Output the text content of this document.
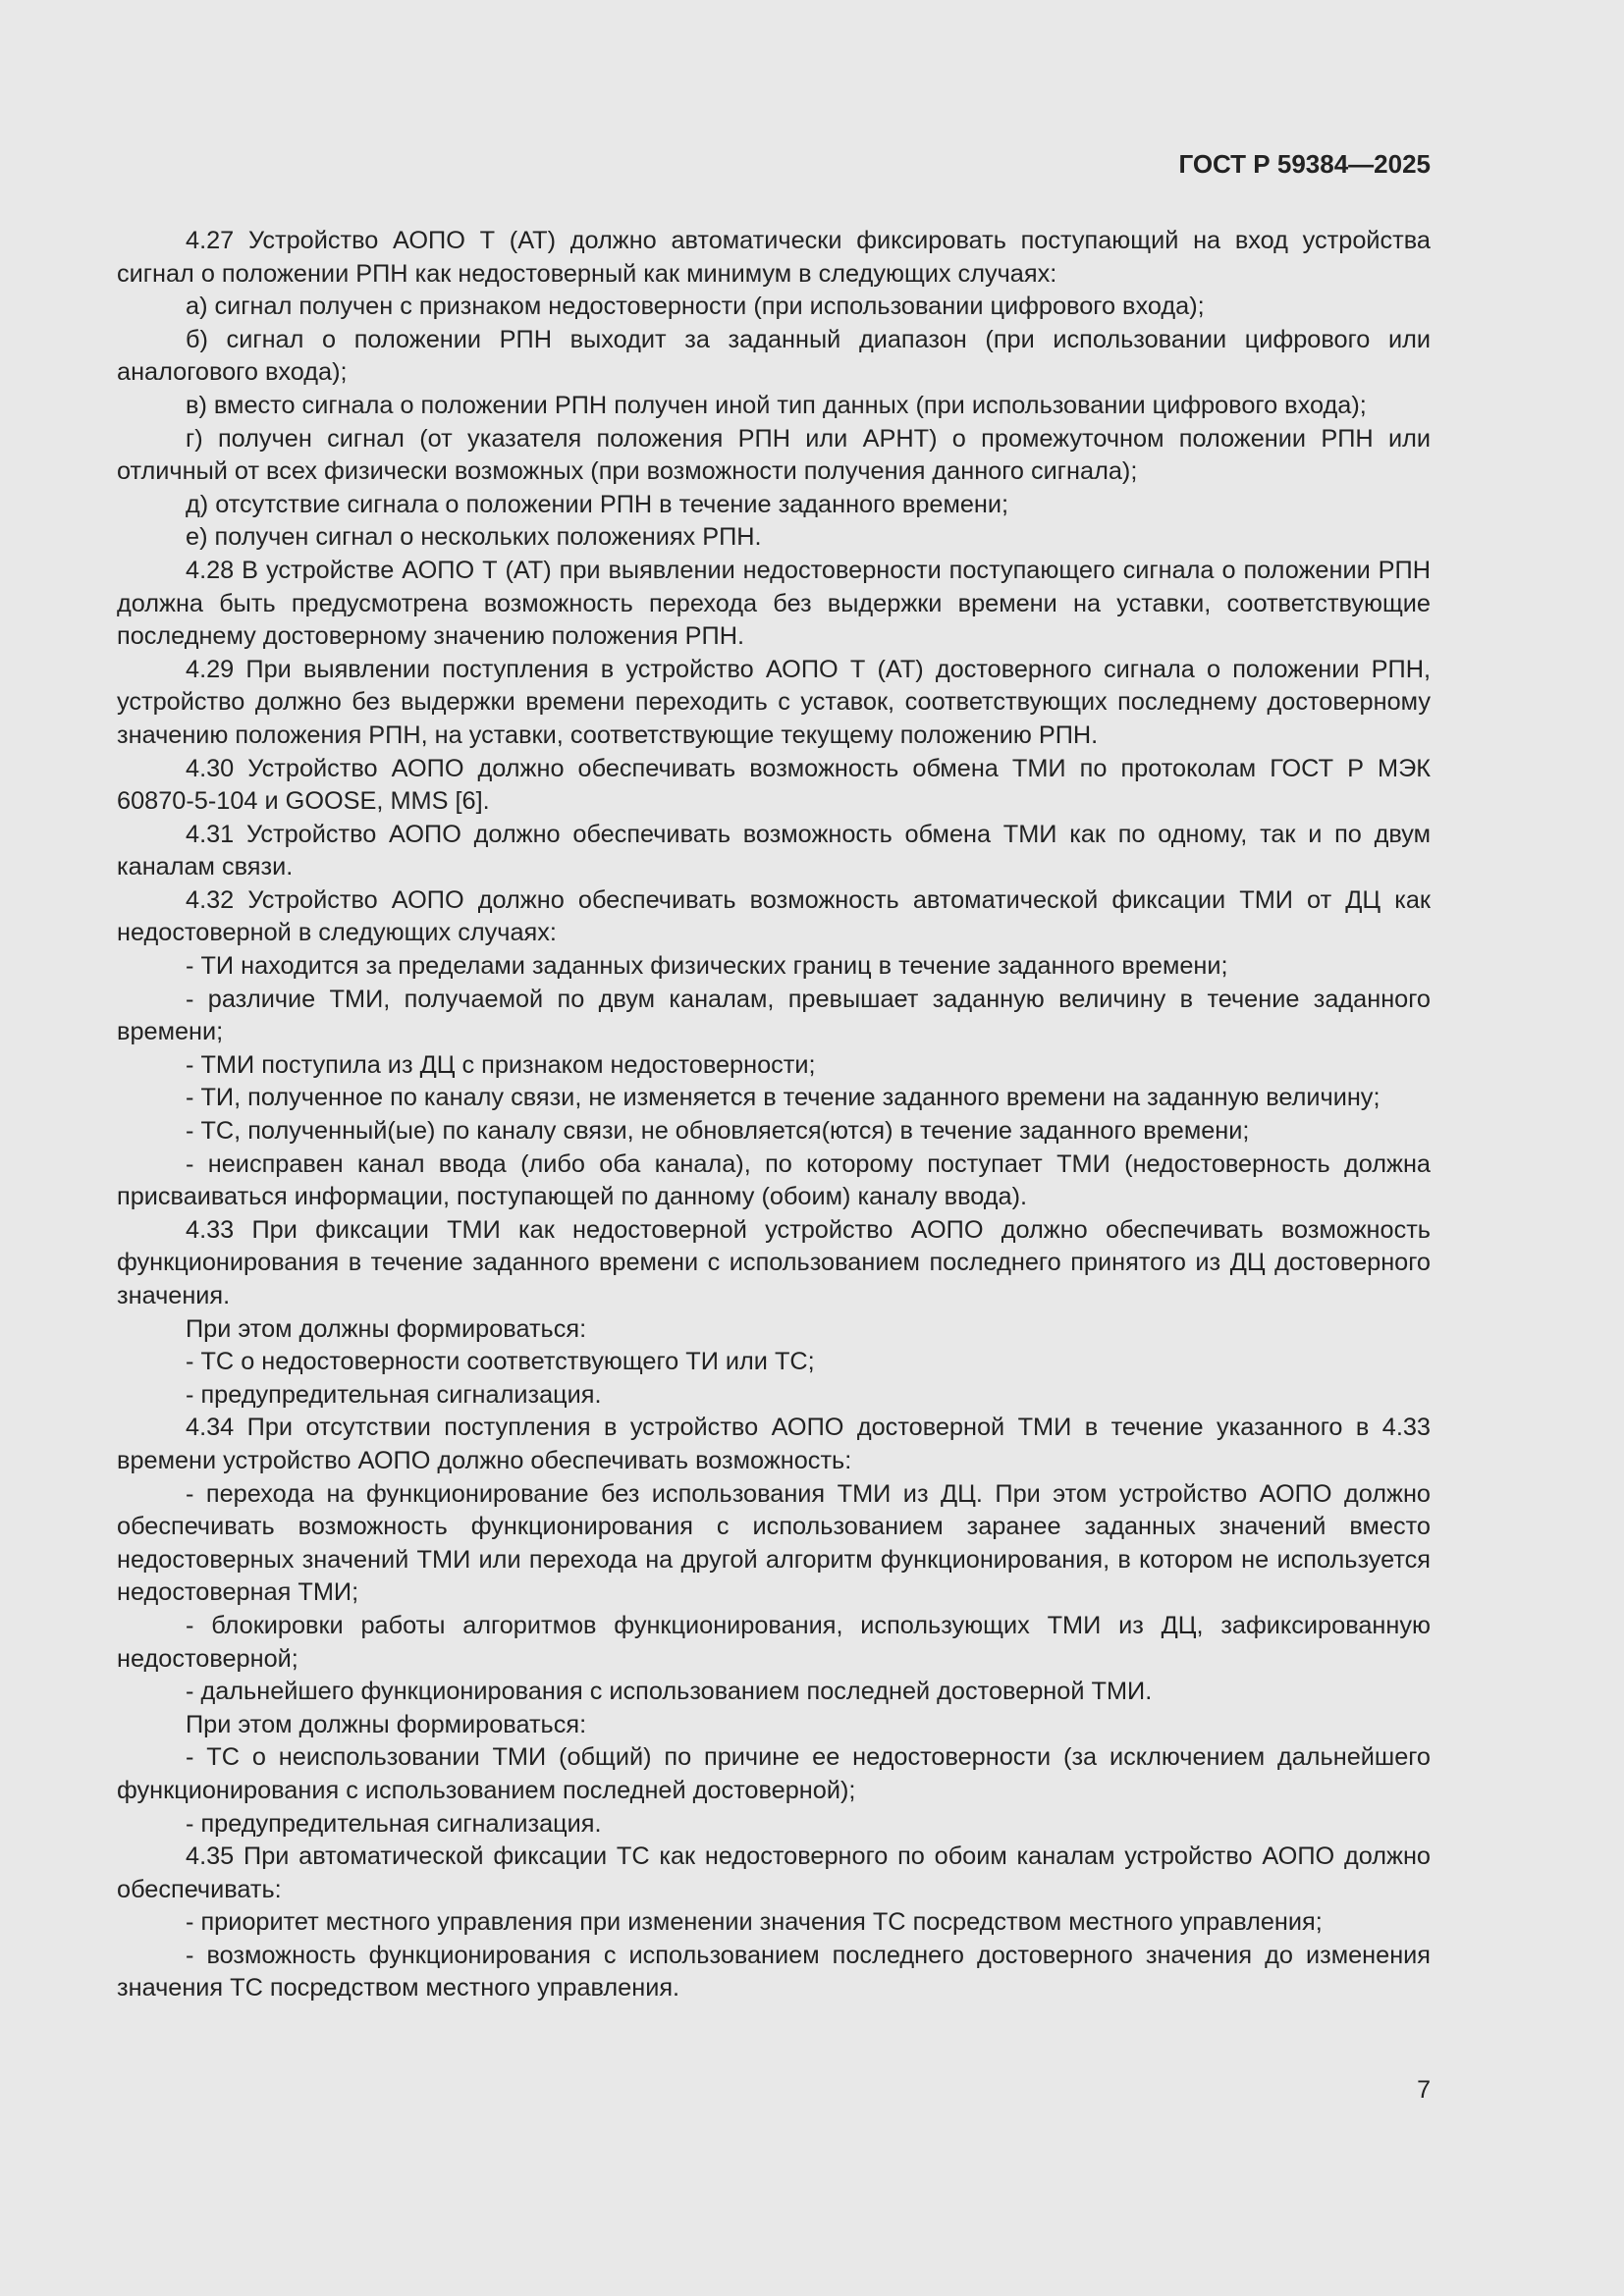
ГОСТ Р 59384—2025

4.27 Устройство АОПО Т (АТ) должно автоматически фиксировать поступающий на вход устройства сигнал о положении РПН как недостоверный как минимум в следующих случаях:

а) сигнал получен с признаком недостоверности (при использовании цифрового входа);

б) сигнал о положении РПН выходит за заданный диапазон (при использовании цифрового или аналогового входа);

в) вместо сигнала о положении РПН получен иной тип данных (при использовании цифрового входа);

г) получен сигнал (от указателя положения РПН или АРНТ) о промежуточном положении РПН или отличный от всех физически возможных (при возможности получения данного сигнала);

д) отсутствие сигнала о положении РПН в течение заданного времени;

е) получен сигнал о нескольких положениях РПН.

4.28 В устройстве АОПО Т (АТ) при выявлении недостоверности поступающего сигнала о положении РПН должна быть предусмотрена возможность перехода без выдержки времени на уставки, соответствующие последнему достоверному значению положения РПН.

4.29 При выявлении поступления в устройство АОПО Т (АТ) достоверного сигнала о положении РПН, устройство должно без выдержки времени переходить с уставок, соответствующих последнему достоверному значению положения РПН, на уставки, соответствующие текущему положению РПН.

4.30 Устройство АОПО должно обеспечивать возможность обмена ТМИ по протоколам ГОСТ Р МЭК 60870-5-104 и GOOSE, MMS [6].

4.31 Устройство АОПО должно обеспечивать возможность обмена ТМИ как по одному, так и по двум каналам связи.

4.32 Устройство АОПО должно обеспечивать возможность автоматической фиксации ТМИ от ДЦ как недостоверной в следующих случаях:

- ТИ находится за пределами заданных физических границ в течение заданного времени;

- различие ТМИ, получаемой по двум каналам, превышает заданную величину в течение заданного времени;

- ТМИ поступила из ДЦ с признаком недостоверности;

- ТИ, полученное по каналу связи, не изменяется в течение заданного времени на заданную величину;

- ТС, полученный(ые) по каналу связи, не обновляется(ются) в течение заданного времени;

- неисправен канал ввода (либо оба канала), по которому поступает ТМИ (недостоверность должна присваиваться информации, поступающей по данному (обоим) каналу ввода).

4.33 При фиксации ТМИ как недостоверной устройство АОПО должно обеспечивать возможность функционирования в течение заданного времени с использованием последнего принятого из ДЦ достоверного значения.

При этом должны формироваться:

- ТС о недостоверности соответствующего ТИ или ТС;

- предупредительная сигнализация.

4.34 При отсутствии поступления в устройство АОПО достоверной ТМИ в течение указанного в 4.33 времени устройство АОПО должно обеспечивать возможность:

- перехода на функционирование без использования ТМИ из ДЦ. При этом устройство АОПО должно обеспечивать возможность функционирования с использованием заранее заданных значений вместо недостоверных значений ТМИ или перехода на другой алгоритм функционирования, в котором не используется недостоверная ТМИ;

- блокировки работы алгоритмов функционирования, использующих ТМИ из ДЦ, зафиксированную недостоверной;

- дальнейшего функционирования с использованием последней достоверной ТМИ.

При этом должны формироваться:

- ТС о неиспользовании ТМИ (общий) по причине ее недостоверности (за исключением дальнейшего функционирования с использованием последней достоверной);

- предупредительная сигнализация.

4.35 При автоматической фиксации ТС как недостоверного по обоим каналам устройство АОПО должно обеспечивать:

- приоритет местного управления при изменении значения ТС посредством местного управления;

- возможность функционирования с использованием последнего достоверного значения до изменения значения ТС посредством местного управления.

7
